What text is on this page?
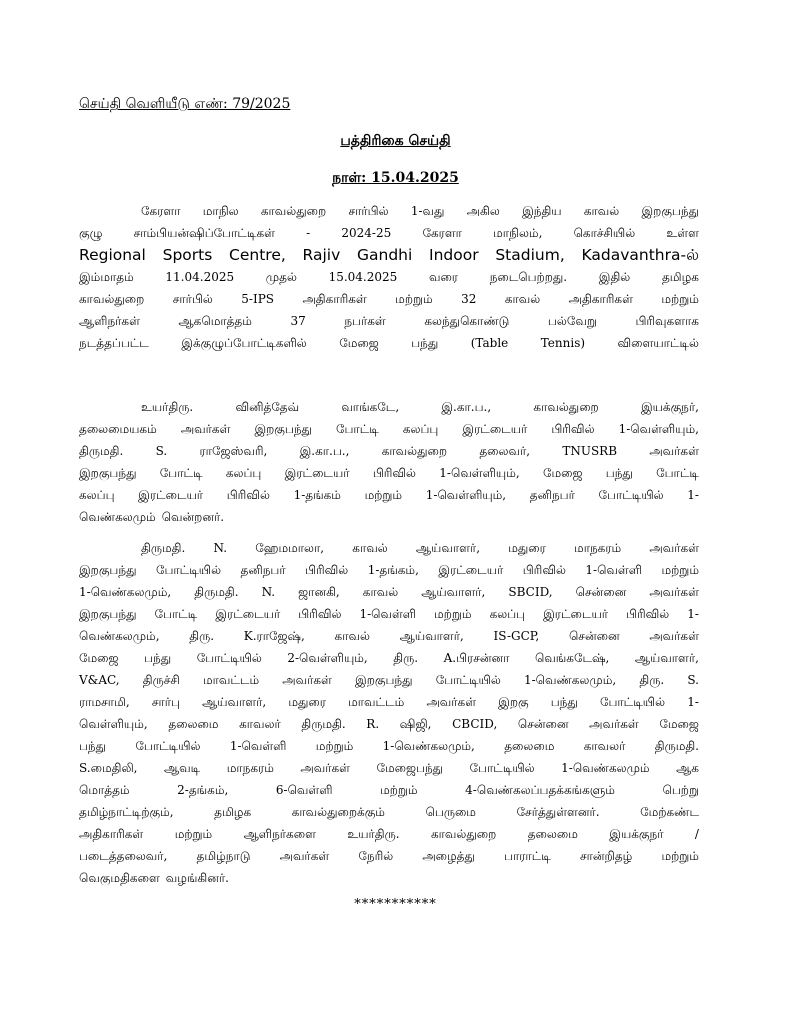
செய்தி வெளியீடு எண்: 79/2025
பத்திரிகை செய்தி
நாள்: 15.04.2025
கேரளா மாநில காவல்துறை சார்பில் 1-வது அகில இந்திய காவல் இறகுபந்து
குழு	சாம்பியன்ஷிப்போட்டிகள்	-	2024-25	கேரளா	மாநிலம்,	கொச்சியில்	உள்ள
Regional Sports Centre, Rajiv Gandhi Indoor Stadium, Kadavanthra-ல்
இம்மாதம்	11.04.2025	முதல்	15.04.2025	வரை	நடைபெற்றது.	இதில்	தமிழக
காவல்துறை சார்பில் 5-IPS அதிகாரிகள் மற்றும் 32 காவல் அதிகாரிகள் மற்றும்
ஆளிநர்கள்	ஆகமொத்தம்	37	நபர்கள்	கலந்துகொண்டு	பல்வேறு	பிரிவுகளாக
நடத்தப்பட்ட	இக்குழுப்போட்டிகளில்	மேஜை	பந்து	(Table	Tennis)	விளையாட்டில்
உயர்திரு.	வினித்தேவ்	வாங்கடே,	இ.கா.ப.,	காவல்துறை	இயக்குநர்,
தலைமையகம் அவர்கள் இறகுபந்து போட்டி கலப்பு இரட்டையர் பிரிவில் 1-வெள்ளியும்,
திருமதி.	S.	ராஜேஸ்வரி,	இ.கா.ப.,	காவல்துறை	தலைவர்,	TNUSRB	அவர்கள்
இறகுபந்து போட்டி கலப்பு இரட்டையர் பிரிவில் 1-வெள்ளியும், மேஜை பந்து போட்டி
கலப்பு இரட்டையர் பிரிவில் 1-தங்கம் மற்றும் 1-வெள்ளியும், தனிநபர் போட்டியில் 1-
வெண்கலமும் வென்றனர்.
திருமதி. N. ஹேமமாலா, காவல் ஆய்வாளர், மதுரை மாநகரம் அவர்கள்
இறகுபந்து போட்டியில் தனிநபர் பிரிவில் 1-தங்கம், இரட்டையர் பிரிவில் 1-வெள்ளி மற்றும்
1-வெண்கலமும், திருமதி. N. ஜானகி, காவல் ஆய்வாளர், SBCID, சென்னை அவர்கள்
இறகுபந்து போட்டி இரட்டையர் பிரிவில் 1-வெள்ளி மற்றும் கலப்பு இரட்டையர் பிரிவில் 1-
வெண்கலமும், திரு. K.ராஜேஷ், காவல் ஆய்வாளர், IS-GCP, சென்னை அவர்கள்
மேஜை பந்து போட்டியில் 2-வெள்ளியும், திரு. A.பிரசன்னா வெங்கடேஷ், ஆய்வாளர்,
V&AC, திருச்சி மாவட்டம் அவர்கள் இறகுபந்து போட்டியில் 1-வெண்கலமும், திரு. S.
ராமசாமி, சார்பு ஆய்வாளர், மதுரை மாவட்டம் அவர்கள் இறகு பந்து போட்டியில் 1-
வெள்ளியும், தலைமை காவலர் திருமதி. R. ஷிஜி, CBCID, சென்னை அவர்கள் மேஜை
பந்து போட்டியில் 1-வெள்ளி மற்றும் 1-வெண்கலமும், தலைமை காவலர் திருமதி.
S.மைதிலி, ஆவடி மாநகரம் அவர்கள் மேஜைபந்து போட்டியில் 1-வெண்கலமும் ஆக
மொத்தம்	2-தங்கம்,	6-வெள்ளி	மற்றும்	4-வெண்கலப்பதக்கங்களும்	பெற்று
தமிழ்நாட்டிற்கும்,	தமிழக	காவல்துறைக்கும்	பெருமை	சேர்த்துள்ளனர்.	மேற்கண்ட
அதிகாரிகள்	மற்றும்	ஆளிநர்களை	உயர்திரு.	காவல்துறை	தலைமை	இயக்குநர்	/
படைத்தலைவர், தமிழ்நாடு அவர்கள் நேரில் அழைத்து பாராட்டி சான்றிதழ் மற்றும்
வெகுமதிகளை வழங்கினர்.
***********
